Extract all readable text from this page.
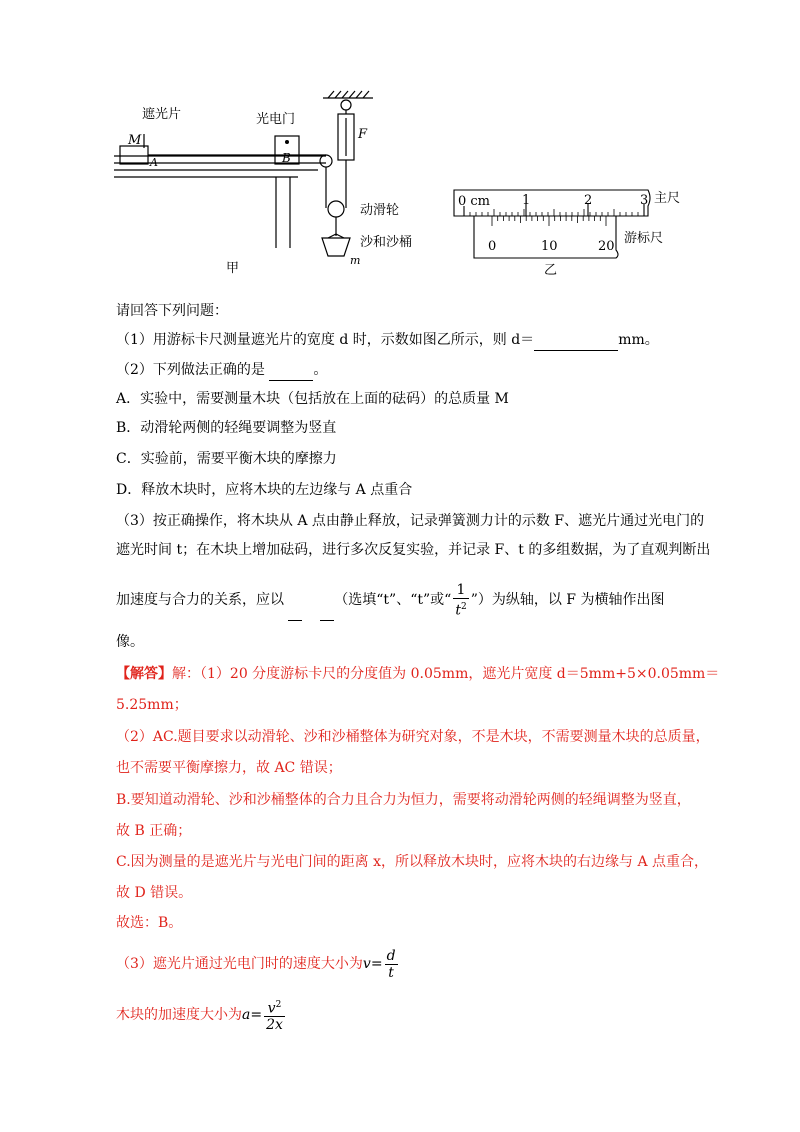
遮光片
M
A
光电门
B
F
动滑轮
沙和沙桶
m
甲
0 cm 1	2	3
0	10	20
主尺
游标尺
乙
请回答下列问题：
（1）用游标卡尺测量遮光片的宽度 d 时，示数如图乙所示，则 d＝	mm。
（2）下列做法正确的是	。
A．实验中，需要测量木块（包括放在上面的砝码）的总质量 M
B．动滑轮两侧的轻绳要调整为竖直
C．实验前，需要平衡木块的摩擦力
D．释放木块时，应将木块的左边缘与 A 点重合
（3）按正确操作，将木块从 A 点由静止释放，记录弹簧测力计的示数 F、遮光片通过光电门的
遮光时间 t；在木块上增加砝码，进行多次反复实验，并记录 F、t 的多组数据，为了直观判断出
加速度与合力的关系，应以	（选填“t”、“t”或“ $\frac{1}{t^2}$ ”）为纵轴，以 F 为横轴作出图
像。
【解答】解：（1）20 分度游标卡尺的分度值为 0.05mm，遮光片宽度 d＝5mm+5×0.05mm＝
5.25mm；
（2）AC.题目要求以动滑轮、沙和沙桶整体为研究对象，不是木块，不需要测量木块的总质量，
也不需要平衡摩擦力，故 AC 错误；
B.要知道动滑轮、沙和沙桶整体的合力且合力为恒力，需要将动滑轮两侧的轻绳调整为竖直，
故 B 正确；
C.因为测量的是遮光片与光电门间的距离 x，所以释放木块时，应将木块的右边缘与 A 点重合，
故 D 错误。
故选：B。
（3）遮光片通过光电门时的速度大小为$v= \frac{d}{t}$
木块的加速度大小为$a= \frac{v^2}{2x}$
